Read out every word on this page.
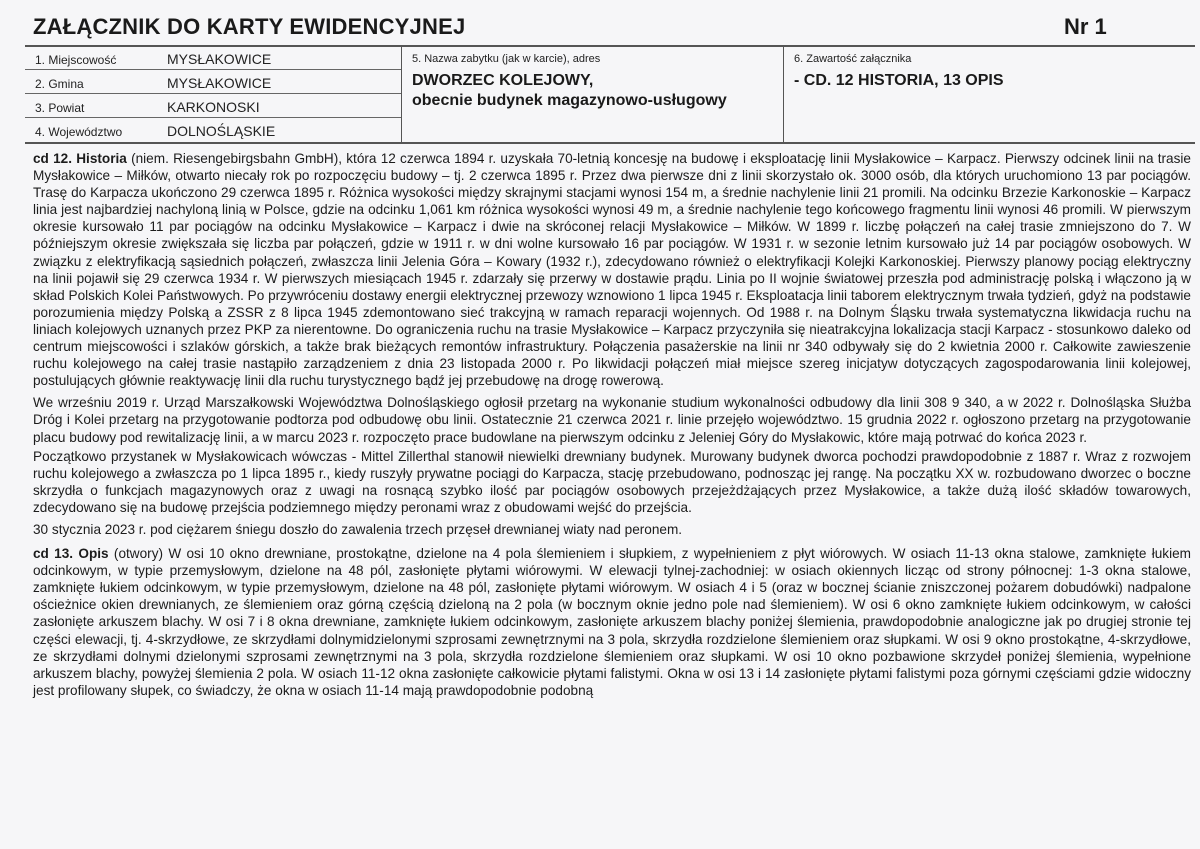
ZAŁĄCZNIK DO KARTY EWIDENCYJNEJ	Nr 1
1. Miejscowość	MYSŁAKOWICE
2. Gmina	MYSŁAKOWICE
3. Powiat	KARKONOSKI
4. Województwo	DOLNOŚLĄSKIE
5. Nazwa zabytku (jak w karcie), adres
DWORZEC KOLEJOWY,
obecnie budynek magazynowo-usługowy
6. Zawartość załącznika
- CD. 12 HISTORIA, 13 OPIS

cd 12. Historia (niem. Riesengebirgsbahn GmbH), która 12 czerwca 1894 r. uzyskała 70-letnią koncesję na budowę i eksploatację linii Mysłakowice – Karpacz. Pierwszy odcinek linii na trasie Mysłakowice – Miłków, otwarto niecały rok po rozpoczęciu budowy – tj. 2 czerwca 1895 r. Przez dwa pierwsze dni z linii skorzystało ok. 3000 osób, dla których uruchomiono 13 par pociągów. Trasę do Karpacza ukończono 29 czerwca 1895 r. Różnica wysokości między skrajnymi stacjami wynosi 154 m, a średnie nachylenie linii 21 promili. Na odcinku Brzezie Karkonoskie – Karpacz linia jest najbardziej nachyloną linią w Polsce, gdzie na odcinku 1,061 km różnica wysokości wynosi 49 m, a średnie nachylenie tego końcowego fragmentu linii wynosi 46 promili. W pierwszym okresie kursowało 11 par pociągów na odcinku Mysłakowice – Karpacz i dwie na skróconej relacji Mysłakowice – Miłków. W 1899 r. liczbę połączeń na całej trasie zmniejszono do 7. W późniejszym okresie zwiększała się liczba par połączeń, gdzie w 1911 r. w dni wolne kursowało 16 par pociągów. W 1931 r. w sezonie letnim kursowało już 14 par pociągów osobowych. W związku z elektryfikacją sąsiednich połączeń, zwłaszcza linii Jelenia Góra – Kowary (1932 r.), zdecydowano również o elektryfikacji Kolejki Karkonoskiej. Pierwszy planowy pociąg elektryczny na linii pojawił się 29 czerwca 1934 r. W pierwszych miesiącach 1945 r. zdarzały się przerwy w dostawie prądu. Linia po II wojnie światowej przeszła pod administrację polską i włączono ją w skład Polskich Kolei Państwowych. Po przywróceniu dostawy energii elektrycznej przewozy wznowiono 1 lipca 1945 r. Eksploatacja linii taborem elektrycznym trwała tydzień, gdyż na podstawie porozumienia między Polską a ZSSR z 8 lipca 1945 zdemontowano sieć trakcyjną w ramach reparacji wojennych. Od 1988 r. na Dolnym Śląsku trwała systematyczna likwidacja ruchu na liniach kolejowych uznanych przez PKP za nierentowne. Do ograniczenia ruchu na trasie Mysłakowice – Karpacz przyczyniła się nieatrakcyjna lokalizacja stacji Karpacz - stosunkowo daleko od centrum miejscowości i szlaków górskich, a także brak bieżących remontów infrastruktury. Połączenia pasażerskie na linii nr 340 odbywały się do 2 kwietnia 2000 r. Całkowite zawieszenie ruchu kolejowego na całej trasie nastąpiło zarządzeniem z dnia 23 listopada 2000 r. Po likwidacji połączeń miał miejsce szereg inicjatyw dotyczących zagospodarowania linii kolejowej, postulujących głównie reaktywację linii dla ruchu turystycznego bądź jej przebudowę na drogę rowerową.

We wrześniu 2019 r. Urząd Marszałkowski Województwa Dolnośląskiego ogłosił przetarg na wykonanie studium wykonalności odbudowy dla linii 308 9 340, a w 2022 r. Dolnośląska Służba Dróg i Kolei przetarg na przygotowanie podtorza pod odbudowę obu linii. Ostatecznie 21 czerwca 2021 r. linie przejęło województwo. 15 grudnia 2022 r. ogłoszono przetarg na przygotowanie placu budowy pod rewitalizację linii, a w marcu 2023 r. rozpoczęto prace budowlane na pierwszym odcinku z Jeleniej Góry do Mysłakowic, które mają potrwać do końca 2023 r.

Początkowo przystanek w Mysłakowicach wówczas - Mittel Zillerthal stanowił niewielki drewniany budynek. Murowany budynek dworca pochodzi prawdopodobnie z 1887 r. Wraz z rozwojem ruchu kolejowego a zwłaszcza po 1 lipca 1895 r., kiedy ruszyły prywatne pociągi do Karpacza, stację przebudowano, podnosząc jej rangę. Na początku XX w. rozbudowano dworzec o boczne skrzydła o funkcjach magazynowych oraz z uwagi na rosnącą szybko ilość par pociągów osobowych przejeżdżających przez Mysłakowice, a także dużą ilość składów towarowych, zdecydowano się na budowę przejścia podziemnego między peronami wraz z obudowami wejść do przejścia.

30 stycznia 2023 r. pod ciężarem śniegu doszło do zawalenia trzech przęseł drewnianej wiaty nad peronem.

cd 13. Opis (otwory) W osi 10 okno drewniane, prostokątne, dzielone na 4 pola ślemieniem i słupkiem, z wypełnieniem z płyt wiórowych. W osiach 11-13 okna stalowe, zamknięte łukiem odcinkowym, w typie przemysłowym, dzielone na 48 pól, zasłonięte płytami wiórowymi. W elewacji tylnej-zachodniej: w osiach okiennych licząc od strony północnej: 1-3 okna stalowe, zamknięte łukiem odcinkowym, w typie przemysłowym, dzielone na 48 pól, zasłonięte płytami wiórowym. W osiach 4 i 5 (oraz w bocznej ścianie zniszczonej pożarem dobudówki) nadpalone ościeżnice okien drewnianych, ze ślemieniem oraz górną częścią dzieloną na 2 pola (w bocznym oknie jedno pole nad ślemieniem). W osi 6 okno zamknięte łukiem odcinkowym, w całości zasłonięte arkuszem blachy. W osi 7 i 8 okna drewniane, zamknięte łukiem odcinkowym, zasłonięte arkuszem blachy poniżej ślemienia, prawdopodobnie analogiczne jak po drugiej stronie tej części elewacji, tj. 4-skrzydłowe, ze skrzydłami dolnymidzielonymi szprosami zewnętrznymi na 3 pola, skrzydła rozdzielone ślemieniem oraz słupkami. W osi 9 okno prostokątne, 4-skrzydłowe, ze skrzydłami dolnymi dzielonymi szprosami zewnętrznymi na 3 pola, skrzydła rozdzielone ślemieniem oraz słupkami. W osi 10 okno pozbawione skrzydeł poniżej ślemienia, wypełnione arkuszem blachy, powyżej ślemienia 2 pola. W osiach 11-12 okna zasłonięte całkowicie płytami falistymi. Okna w osi 13 i 14 zasłonięte płytami falistymi poza górnymi częściami gdzie widoczny jest profilowany słupek, co świadczy, że okna w osiach 11-14 mają prawdopodobnie podobną
